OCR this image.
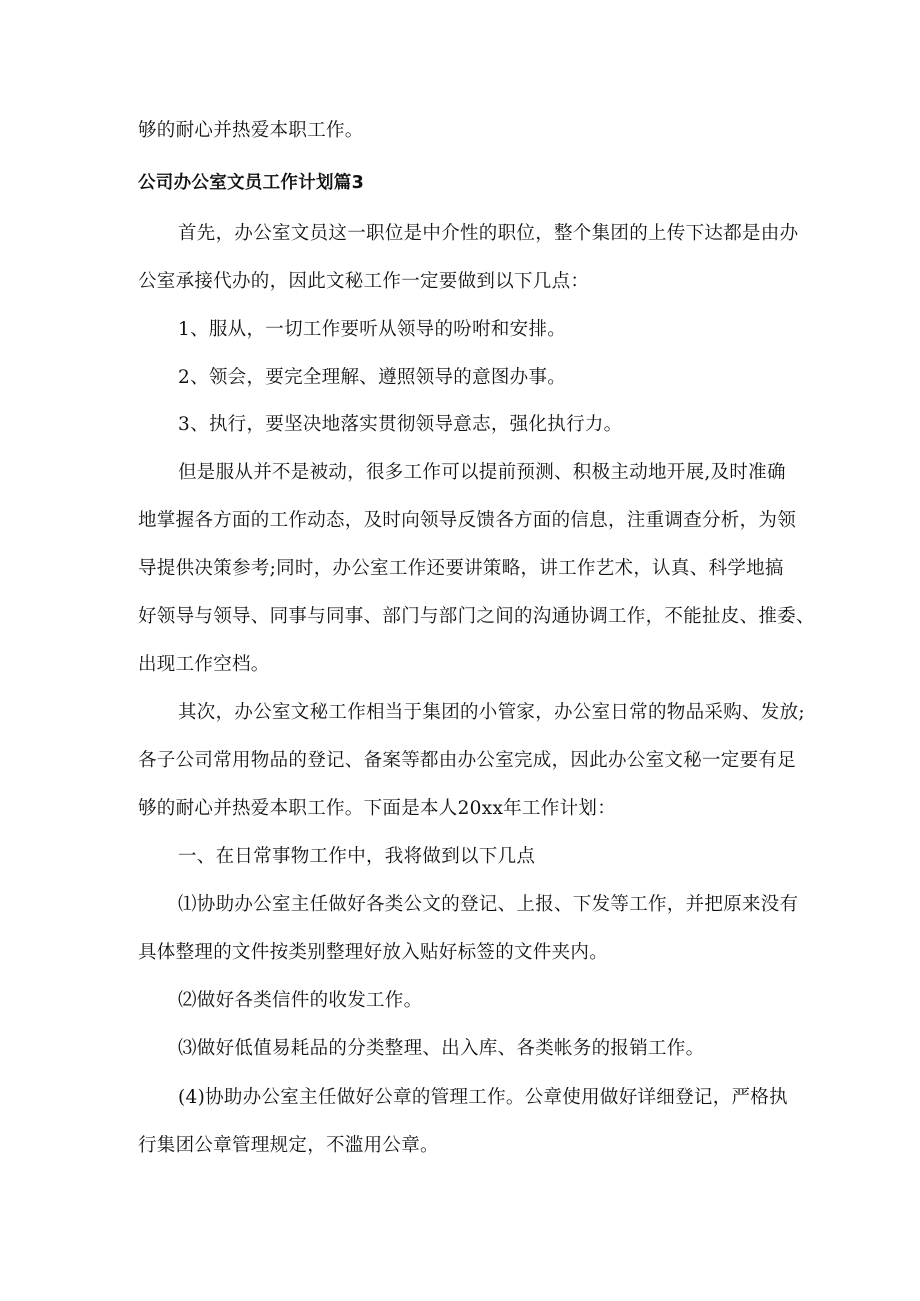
够的耐心并热爱本职工作。
公司办公室文员工作计划篇3
首先，办公室文员这一职位是中介性的职位，整个集团的上传下达都是由办
公室承接代办的，因此文秘工作一定要做到以下几点：
1、服从，一切工作要听从领导的吩咐和安排。
2、领会，要完全理解、遵照领导的意图办事。
3、执行，要坚决地落实贯彻领导意志，强化执行力。
但是服从并不是被动，很多工作可以提前预测、积极主动地开展,及时准确
地掌握各方面的工作动态，及时向领导反馈各方面的信息，注重调查分析，为领
导提供决策参考;同时，办公室工作还要讲策略，讲工作艺术，认真、科学地搞
好领导与领导、同事与同事、部门与部门之间的沟通协调工作，不能扯皮、推委、
出现工作空档。
其次，办公室文秘工作相当于集团的小管家，办公室日常的物品采购、发放;
各子公司常用物品的登记、备案等都由办公室完成，因此办公室文秘一定要有足
够的耐心并热爱本职工作。下面是本人20xx年工作计划：
一、在日常事物工作中，我将做到以下几点
⑴协助办公室主任做好各类公文的登记、上报、下发等工作，并把原来没有
具体整理的文件按类别整理好放入贴好标签的文件夹内。
⑵做好各类信件的收发工作。
⑶做好低值易耗品的分类整理、出入库、各类帐务的报销工作。
(4)协助办公室主任做好公章的管理工作。公章使用做好详细登记，严格执
行集团公章管理规定，不滥用公章。
